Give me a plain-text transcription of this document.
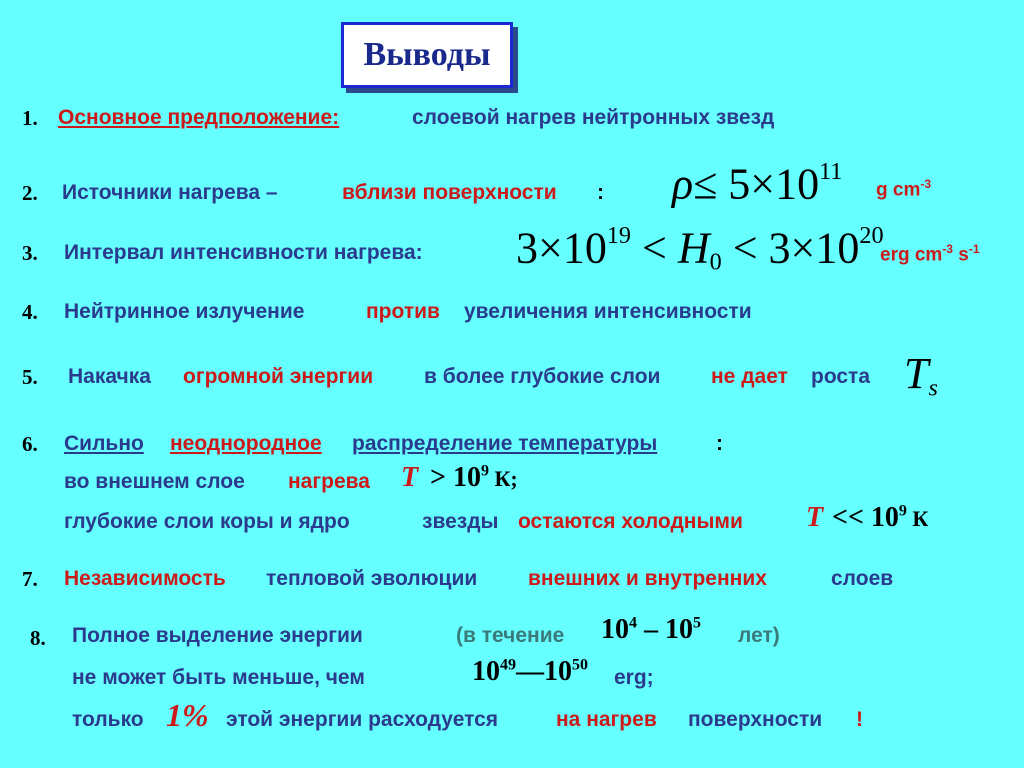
Выводы
1. Основное предположение:	слоевой нагрев нейтронных звезд
2. Источники нагрева –	вблизи поверхности : $\rho\le 5\times 10^{11}$
g $cm^{-3}$
3. Интервал интенсивности нагрева: $3\times 10^{19} < H_0 < 3\times 10^{20}$
erg $cm^{-3}$ $s^{-1}$
4. Нейтринное излучение	против увеличения интенсивности
5. Накачка огромной энергии в более глубокие слои не дает роста $T_s$
6. Сильно неоднородное распределение температуры	:
во внешнем слое нагрева $T > 10^9$ К;
глубокие слои коры и ядро	звезды остаются холодными $T << 10^9$ К
7. Независимость тепловой эволюции внешних и внутренних	слоев
8. Полное выделение энергии	(в течение $10^4 - 10^5$
лет)
не может быть меньше, чем	$10^{49}—10^{50}$
erg;
только 1% этой энергии расходуется	на нагрев поверхности !
